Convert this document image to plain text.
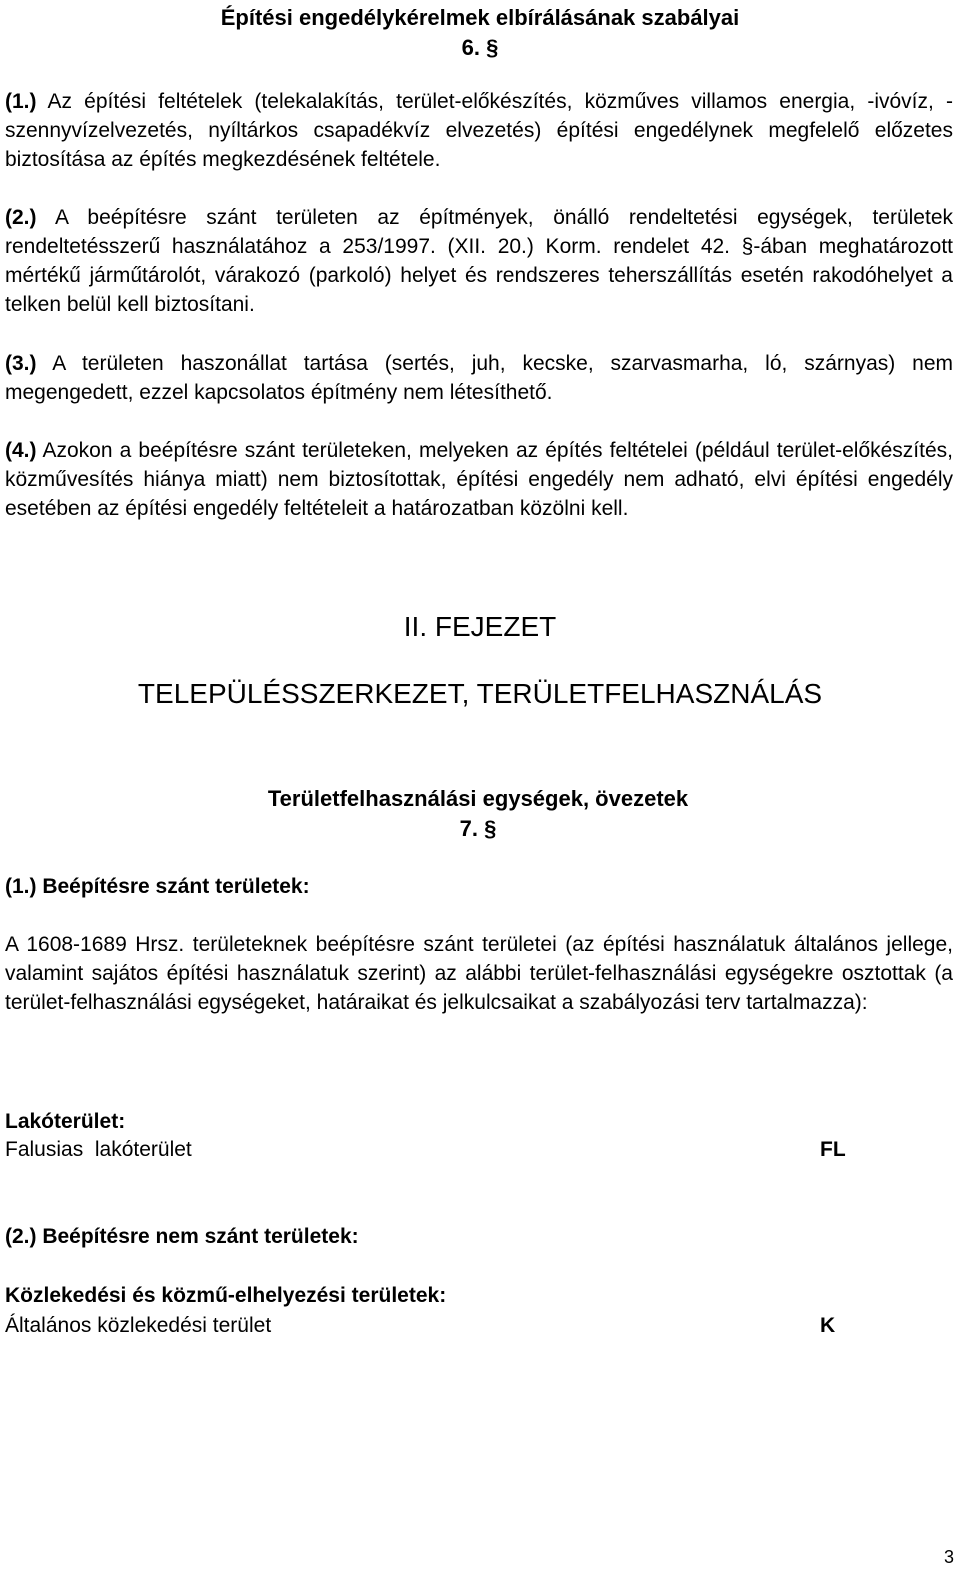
Építési engedélykérelmek elbírálásának szabályai
6. §
(1.) Az építési feltételek (telekalakítás, terület-előkészítés, közműves villamos energia, -ivóvíz, -szennyvízelvezetés, nyíltárkos csapadékvíz elvezetés) építési engedélynek megfelelő előzetes biztosítása az építés megkezdésének feltétele.
(2.) A beépítésre szánt területen az építmények, önálló rendeltetési egységek, területek rendeltetésszerű használatához a 253/1997. (XII. 20.) Korm. rendelet 42. §-ában meghatározott mértékű járműtárolót, várakozó (parkoló) helyet és rendszeres teherszállítás esetén rakodóhelyet a telken belül kell biztosítani.
(3.) A területen haszonállat tartása (sertés, juh, kecske, szarvasmarha, ló, szárnyas) nem megengedett, ezzel kapcsolatos építmény nem létesíthető.
(4.) Azokon a beépítésre szánt területeken, melyeken az építés feltételei (például terület-előkészítés, közművesítés hiánya miatt) nem biztosítottak, építési engedély nem adható, elvi építési engedély esetében az építési engedély feltételeit a határozatban közölni kell.
II. FEJEZET
TELEPÜLÉSSZERKEZET, TERÜLETFELHASZNÁLÁS
Területfelhasználási egységek, övezetek
7. §
(1.) Beépítésre szánt területek:
A 1608-1689 Hrsz. területeknek beépítésre szánt területei (az építési használatuk általános jellege, valamint sajátos építési használatuk szerint) az alábbi terület-felhasználási egységekre osztottak (a terület-felhasználási egységeket, határaikat és jelkulcsaikat a szabályozási terv tartalmazza):
Lakóterület:
Falusias  lakóterület	FL
(2.) Beépítésre nem szánt területek:
Közlekedési és közmű-elhelyezési területek:
Általános közlekedési terület	K
3
